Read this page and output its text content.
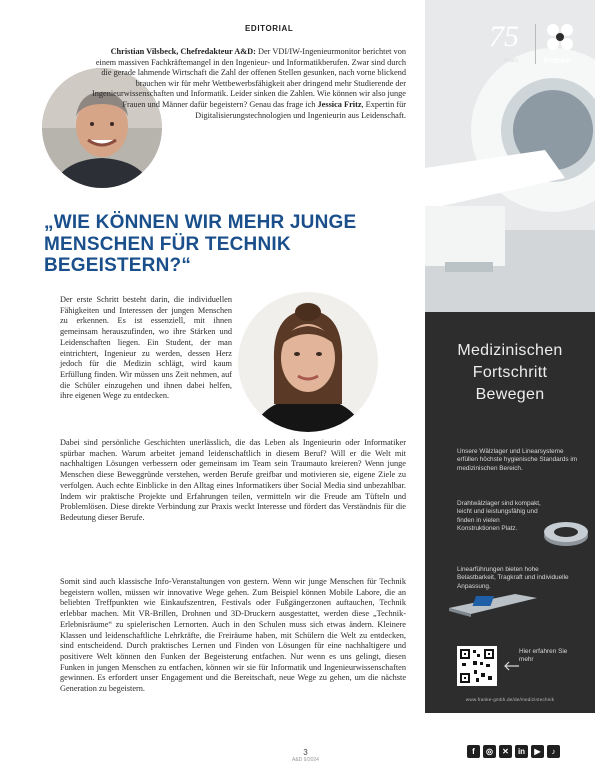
EDITORIAL

Christian Vilsbeck, Chefredakteur A&D: Der VDI/IW-Ingenieurmonitor berichtet von einem massiven Fachkräftemangel in den Ingenieur- und Informatikberufen. Zwar sind durch die gerade lahmende Wirtschaft die Zahl der offenen Stellen gesunken, nach vorne blickend brauchen wir für mehr Wettbewerbsfähigkeit aber dringend mehr Studierende der Ingenieurwissenschaften und Informatik. Leider sinken die Zahlen. Wie können wir also junge Frauen und Männer dafür begeistern? Genau das frage ich Jessica Fritz, Expertin für Digitalisierungstechnologien und Ingenieurin aus Leidenschaft.

„WIE KÖNNEN WIR MEHR JUNGE MENSCHEN FÜR TECHNIK BEGEISTERN?“

Der erste Schritt besteht darin, die individuellen Fähigkeiten und Interessen der jungen Menschen zu erkennen. Es ist essenziell, mit ihnen gemeinsam herauszufinden, wo ihre Stärken und Leidenschaften liegen. Ein Student, der man eintrichtert, Ingenieur zu werden, dessen Herz jedoch für die Medizin schlägt, wird kaum Erfüllung finden. Wir müssen uns Zeit nehmen, auf die Schüler einzugehen und ihnen dabei helfen, ihre eigenen Wege zu entdecken.

Dabei sind persönliche Geschichten unerlässlich, die das Leben als Ingenieurin oder Informatiker spürbar machen. Warum arbeitet jemand leidenschaftlich in diesem Beruf? Will er die Welt mit nachhaltigen Lösungen verbessern oder gemeinsam im Team sein Traumauto kreieren? Wenn junge Menschen diese Beweggründe verstehen, werden Berufe greifbar und motivieren sie, eigene Ziele zu verfolgen. Auch echte Einblicke in den Alltag eines Informatikers über Social Media sind unbezahlbar. Indem wir praktische Projekte und Erfahrungen teilen, vermitteln wir die Freude am Tüfteln und Problemlösen. Diese direkte Verbindung zur Praxis weckt Interesse und fördert das Verständnis für die Bedeutung dieser Berufe.

Somit sind auch klassische Info-Veranstaltungen von gestern. Wenn wir junge Menschen für Technik begeistern wollen, müssen wir innovative Wege gehen. Zum Beispiel können Mobile Labore, die an beliebten Treffpunkten wie Einkaufszentren, Festivals oder Fußgängerzonen auftauchen, Technik erlebbar machen. Mit VR-Brillen, Drohnen und 3D-Druckern ausgestattet, werden diese „Technik-Erlebnisräume“ zu spielerischen Lernorten. Auch in den Schulen muss sich etwas ändern. Kleinere Klassen und leidenschaftliche Lehrkräfte, die Freiräume haben, mit Schülern die Welt zu entdecken, sind entscheidend. Durch praktisches Lernen und Finden von Lösungen für eine nachhaltigere und positivere Welt können den Funken der Begeisterung entfachen. Nur wenn es uns gelingt, diesen Funken in jungen Menschen zu entfachen, können wir sie für Informatik und Ingenieurwissenschaften gewinnen. Es erfordert unser Engagement und die Bereitschaft, neue Wege zu gehen, um die nächste Generation zu begeistern.

3
A&D 9/2024
75
Years	Franke
Medizinischen
Fortschritt
Bewegen
Unsere Wälzlager und Linearsysteme erfüllen höchste hygienische Standards im medizinischen Bereich.
Drahtwälzlager sind kompakt, leicht und leistungsfähig und finden in vielen Konstruktionen Platz.
Linearführungen bieten hohe Belastbarkeit, Tragkraft und individuelle Anpassung.
Hier erfahren Sie mehr
www.franke-gmbh.de/de/medizintechnik
f	◎	✕	in	▶	♪
